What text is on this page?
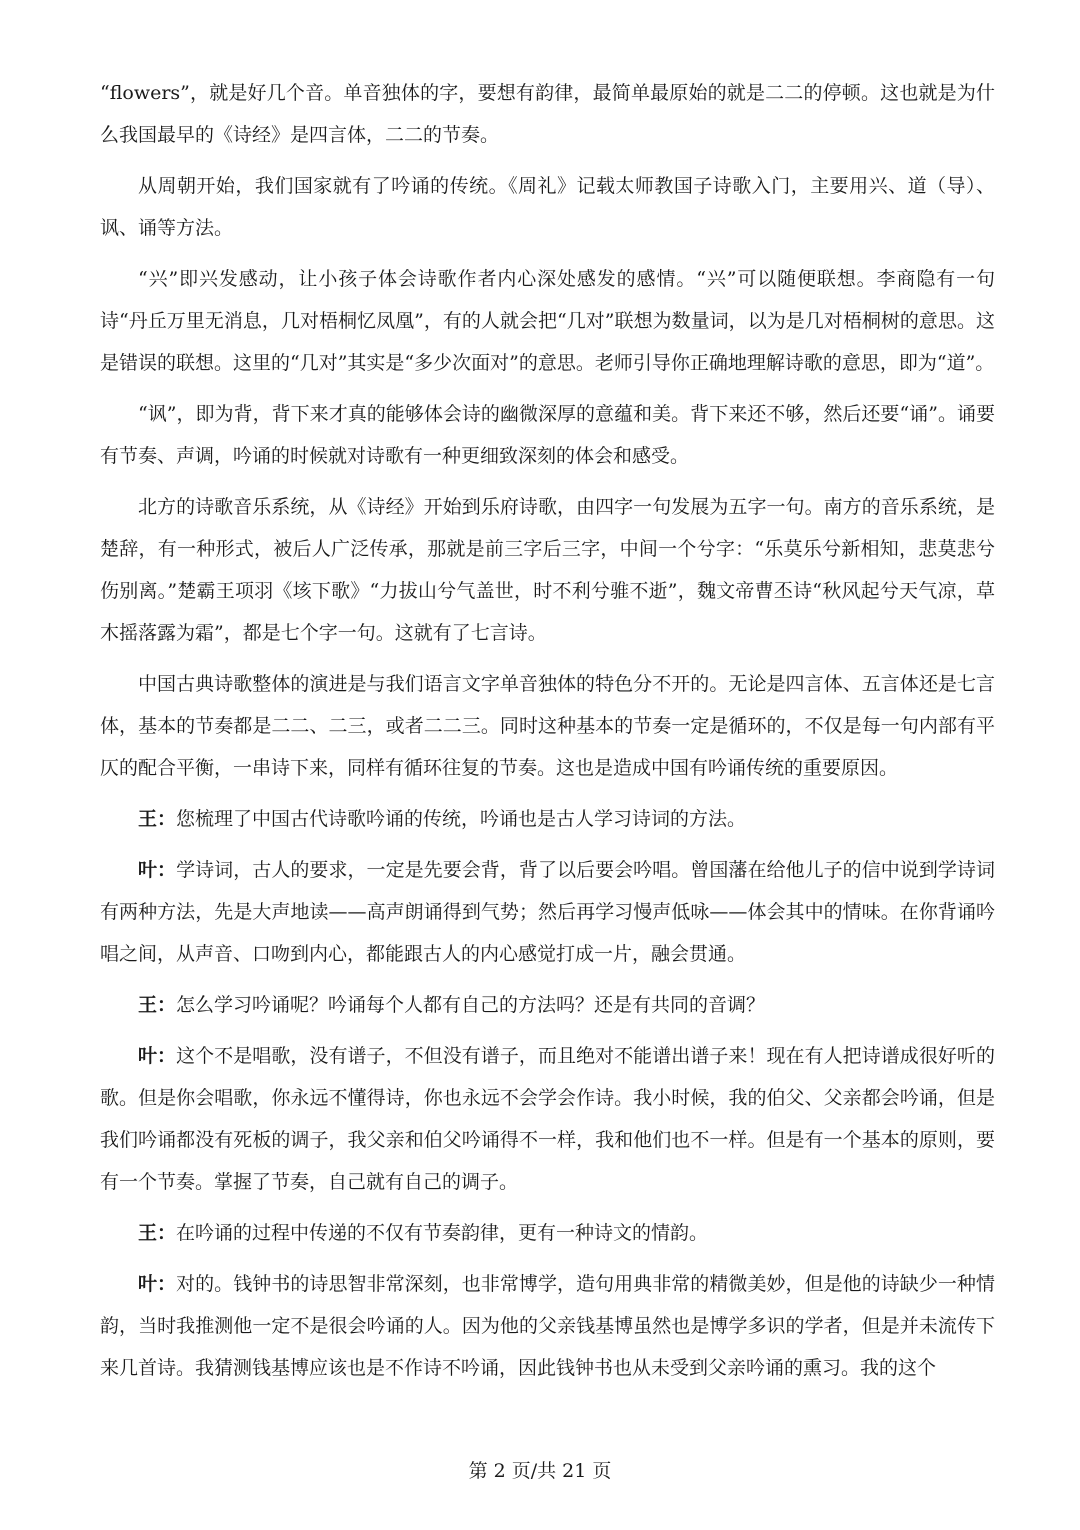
“flowers”，就是好几个音。单音独体的字，要想有韵律，最简单最原始的就是二二的停顿。这也就是为什么我国最早的《诗经》是四言体，二二的节奏。

从周朝开始，我们国家就有了吟诵的传统。《周礼》记载太师教国子诗歌入门，主要用兴、道（导）、讽、诵等方法。

“兴”即兴发感动，让小孩子体会诗歌作者内心深处感发的感情。“兴”可以随便联想。李商隐有一句诗“丹丘万里无消息，几对梧桐忆凤凰”，有的人就会把“几对”联想为数量词，以为是几对梧桐树的意思。这是错误的联想。这里的“几对”其实是“多少次面对”的意思。老师引导你正确地理解诗歌的意思，即为“道”。

“讽”，即为背，背下来才真的能够体会诗的幽微深厚的意蕴和美。背下来还不够，然后还要“诵”。诵要有节奏、声调，吟诵的时候就对诗歌有一种更细致深刻的体会和感受。

北方的诗歌音乐系统，从《诗经》开始到乐府诗歌，由四字一句发展为五字一句。南方的音乐系统，是楚辞，有一种形式，被后人广泛传承，那就是前三字后三字，中间一个兮字：“乐莫乐兮新相知，悲莫悲兮伤别离。”楚霸王项羽《垓下歌》“力拔山兮气盖世，时不利兮骓不逝”，魏文帝曹丕诗“秋风起兮天气凉，草木摇落露为霜”，都是七个字一句。这就有了七言诗。

中国古典诗歌整体的演进是与我们语言文字单音独体的特色分不开的。无论是四言体、五言体还是七言体，基本的节奏都是二二、二三，或者二二三。同时这种基本的节奏一定是循环的，不仅是每一句内部有平仄的配合平衡，一串诗下来，同样有循环往复的节奏。这也是造成中国有吟诵传统的重要原因。

王：您梳理了中国古代诗歌吟诵的传统，吟诵也是古人学习诗词的方法。

叶：学诗词，古人的要求，一定是先要会背，背了以后要会吟唱。曾国藩在给他儿子的信中说到学诗词有两种方法，先是大声地读——高声朗诵得到气势；然后再学习慢声低咏——体会其中的情味。在你背诵吟唱之间，从声音、口吻到内心，都能跟古人的内心感觉打成一片，融会贯通。

王：怎么学习吟诵呢？吟诵每个人都有自己的方法吗？还是有共同的音调？

叶：这个不是唱歌，没有谱子，不但没有谱子，而且绝对不能谱出谱子来！现在有人把诗谱成很好听的歌。但是你会唱歌，你永远不懂得诗，你也永远不会学会作诗。我小时候，我的伯父、父亲都会吟诵，但是我们吟诵都没有死板的调子，我父亲和伯父吟诵得不一样，我和他们也不一样。但是有一个基本的原则，要有一个节奏。掌握了节奏，自己就有自己的调子。

王：在吟诵的过程中传递的不仅有节奏韵律，更有一种诗文的情韵。

叶：对的。钱钟书的诗思智非常深刻，也非常博学，造句用典非常的精微美妙，但是他的诗缺少一种情韵，当时我推测他一定不是很会吟诵的人。因为他的父亲钱基博虽然也是博学多识的学者，但是并未流传下来几首诗。我猜测钱基博应该也是不作诗不吟诵，因此钱钟书也从未受到父亲吟诵的熏习。我的这个

第 2 页/共 21 页
